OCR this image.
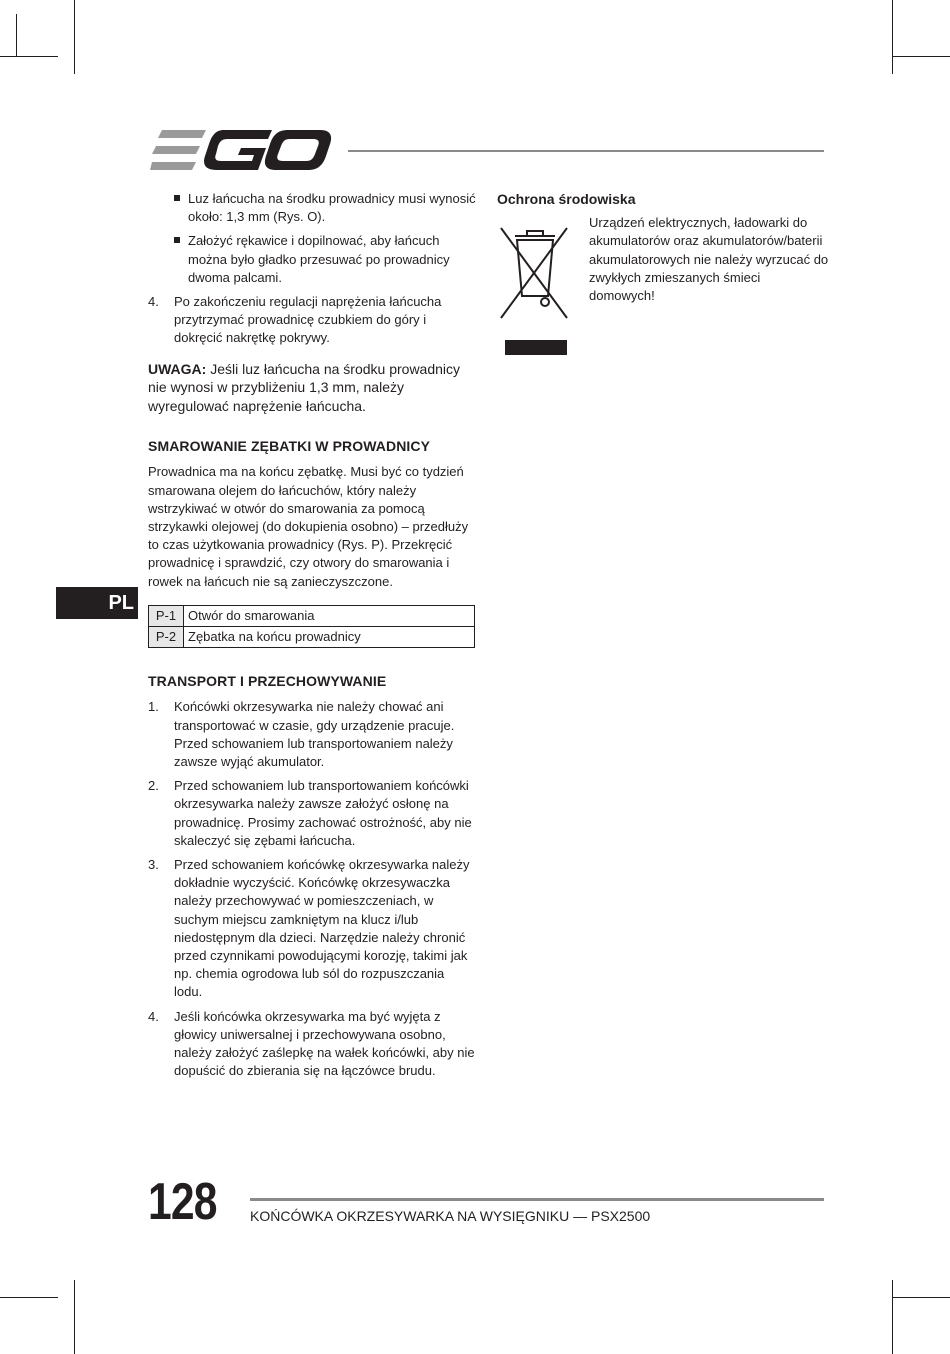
Luz łańcucha na środku prowadnicy musi wynosić około: 1,3 mm (Rys. O).
Założyć rękawice i dopilnować, aby łańcuch można było gładko przesuwać po prowadnicy dwoma palcami.
4. Po zakończeniu regulacji naprężenia łańcucha przytrzymać prowadnicę czubkiem do góry i dokręcić nakrętkę pokrywy.
UWAGA: Jeśli luz łańcucha na środku prowadnicy nie wynosi w przybliżeniu 1,3 mm, należy wyregulować naprężenie łańcucha.
SMAROWANIE ZĘBATKI W PROWADNICY
Prowadnica ma na końcu zębatkę. Musi być co tydzień smarowana olejem do łańcuchów, który należy wstrzykiwać w otwór do smarowania za pomocą strzykawki olejowej (do dokupienia osobno) – przedłuży to czas użytkowania prowadnicy (Rys. P). Przekręcić prowadnicę i sprawdzić, czy otwory do smarowania i rowek na łańcuch nie są zanieczyszczone.
P-1	Otwór do smarowania
P-2	Zębatka na końcu prowadnicy
TRANSPORT I PRZECHOWYWANIE
1. Końcówki okrzesywarka nie należy chować ani transportować w czasie, gdy urządzenie pracuje. Przed schowaniem lub transportowaniem należy zawsze wyjąć akumulator.
2. Przed schowaniem lub transportowaniem końcówki okrzesywarka należy zawsze założyć osłonę na prowadnicę. Prosimy zachować ostrożność, aby nie skaleczyć się zębami łańcucha.
3. Przed schowaniem końcówkę okrzesywarka należy dokładnie wyczyścić. Końcówkę okrzesywaczka należy przechowywać w pomieszczeniach, w suchym miejscu zamkniętym na klucz i/lub niedostępnym dla dzieci. Narzędzie należy chronić przed czynnikami powodującymi korozję, takimi jak np. chemia ogrodowa lub sól do rozpuszczania lodu.
4. Jeśli końcówka okrzesywarka ma być wyjęta z głowicy uniwersalnej i przechowywana osobno, należy założyć zaślepkę na wałek końcówki, aby nie dopuścić do zbierania się na łączówce brudu.
Ochrona środowiska
Urządzeń elektrycznych, ładowarki do akumulatorów oraz akumulatorów/baterii akumulatorowych nie należy wyrzucać do zwykłych zmieszanych śmieci domowych!
PL
128 KOŃCÓWKA OKRZESYWARKA NA WYSIĘGNIKU — PSX2500
